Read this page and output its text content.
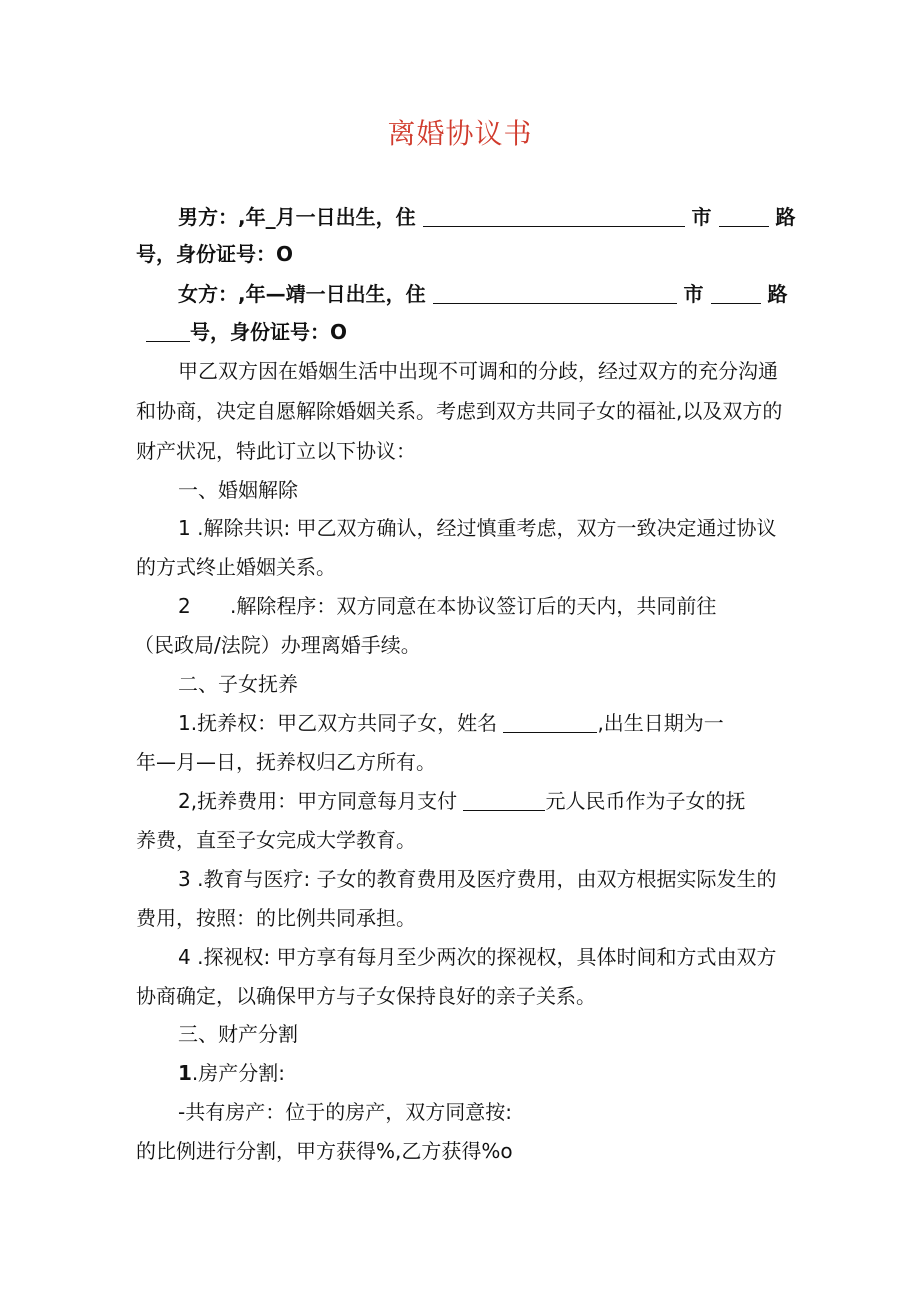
离婚协议书
男方：,年_月一日出生，住	市	路
号，身份证号：O
女方：,年—靖一日出生，住	市	路
号，身份证号：O
甲乙双方因在婚姻生活中出现不可调和的分歧，经过双方的充分沟通
和协商，决定自愿解除婚姻关系。考虑到双方共同子女的福祉,以及双方的
财产状况，特此订立以下协议：
一、婚姻解除
1 .解除共识: 甲乙双方确认，经过慎重考虑，双方一致决定通过协议
的方式终止婚姻关系。
2 .解除程序：双方同意在本协议签订后的天内，共同前往
（民政局/法院）办理离婚手续。
二、子女抚养
1.抚养权：甲乙双方共同子女，姓名	,出生日期为一
年—月—日，抚养权归乙方所有。
2,抚养费用：甲方同意每月支付	元人民币作为子女的抚
养费，直至子女完成大学教育。
3 .教育与医疗: 子女的教育费用及医疗费用，由双方根据实际发生的
费用，按照：的比例共同承担。
4 .探视权: 甲方享有每月至少两次的探视权，具体时间和方式由双方
协商确定，以确保甲方与子女保持良好的亲子关系。
三、财产分割
1.房产分割:
-共有房产：位于的房产，双方同意按:
的比例进行分割，甲方获得%,乙方获得%o
